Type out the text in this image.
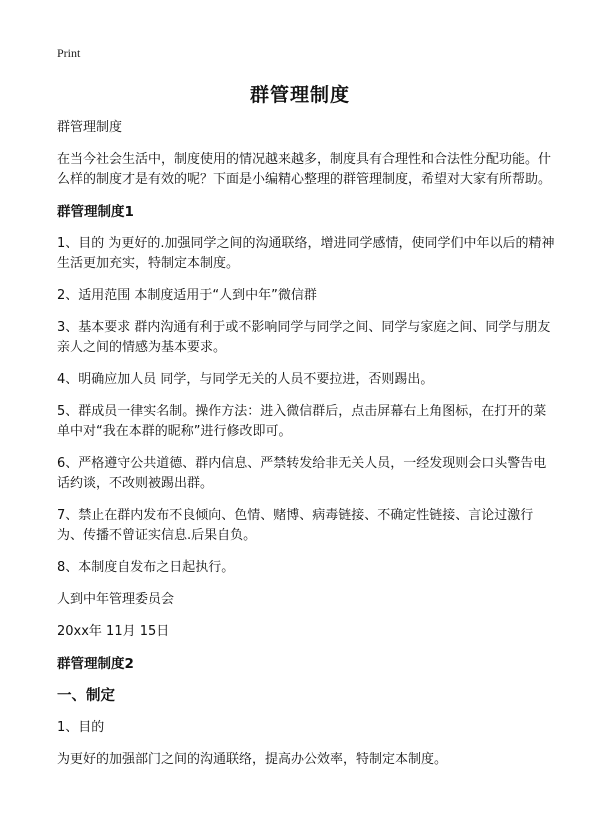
Print
群管理制度

群管理制度

在当今社会生活中，制度使用的情况越来越多，制度具有合理性和合法性分配功能。什么样的制度才是有效的呢？下面是小编精心整理的群管理制度，希望对大家有所帮助。

群管理制度1

1、目的 为更好的.加强同学之间的沟通联络，增进同学感情，使同学们中年以后的精神生活更加充实，特制定本制度。

2、适用范围 本制度适用于“人到中年”微信群

3、基本要求 群内沟通有利于或不影响同学与同学之间、同学与家庭之间、同学与朋友亲人之间的情感为基本要求。

4、明确应加人员 同学，与同学无关的人员不要拉进，否则踢出。

5、群成员一律实名制。操作方法：进入微信群后，点击屏幕右上角图标，在打开的菜单中对“我在本群的昵称”进行修改即可。

6、严格遵守公共道德、群内信息、严禁转发给非无关人员，一经发现则会口头警告电话约谈，不改则被踢出群。

7、禁止在群内发布不良倾向、色情、赌博、病毒链接、不确定性链接、言论过激行为、传播不曾证实信息.后果自负。

8、本制度自发布之日起执行。

人到中年管理委员会

20xx年 11月 15日

群管理制度2
一、制定

1、目的

为更好的加强部门之间的沟通联络，提高办公效率，特制定本制度。
